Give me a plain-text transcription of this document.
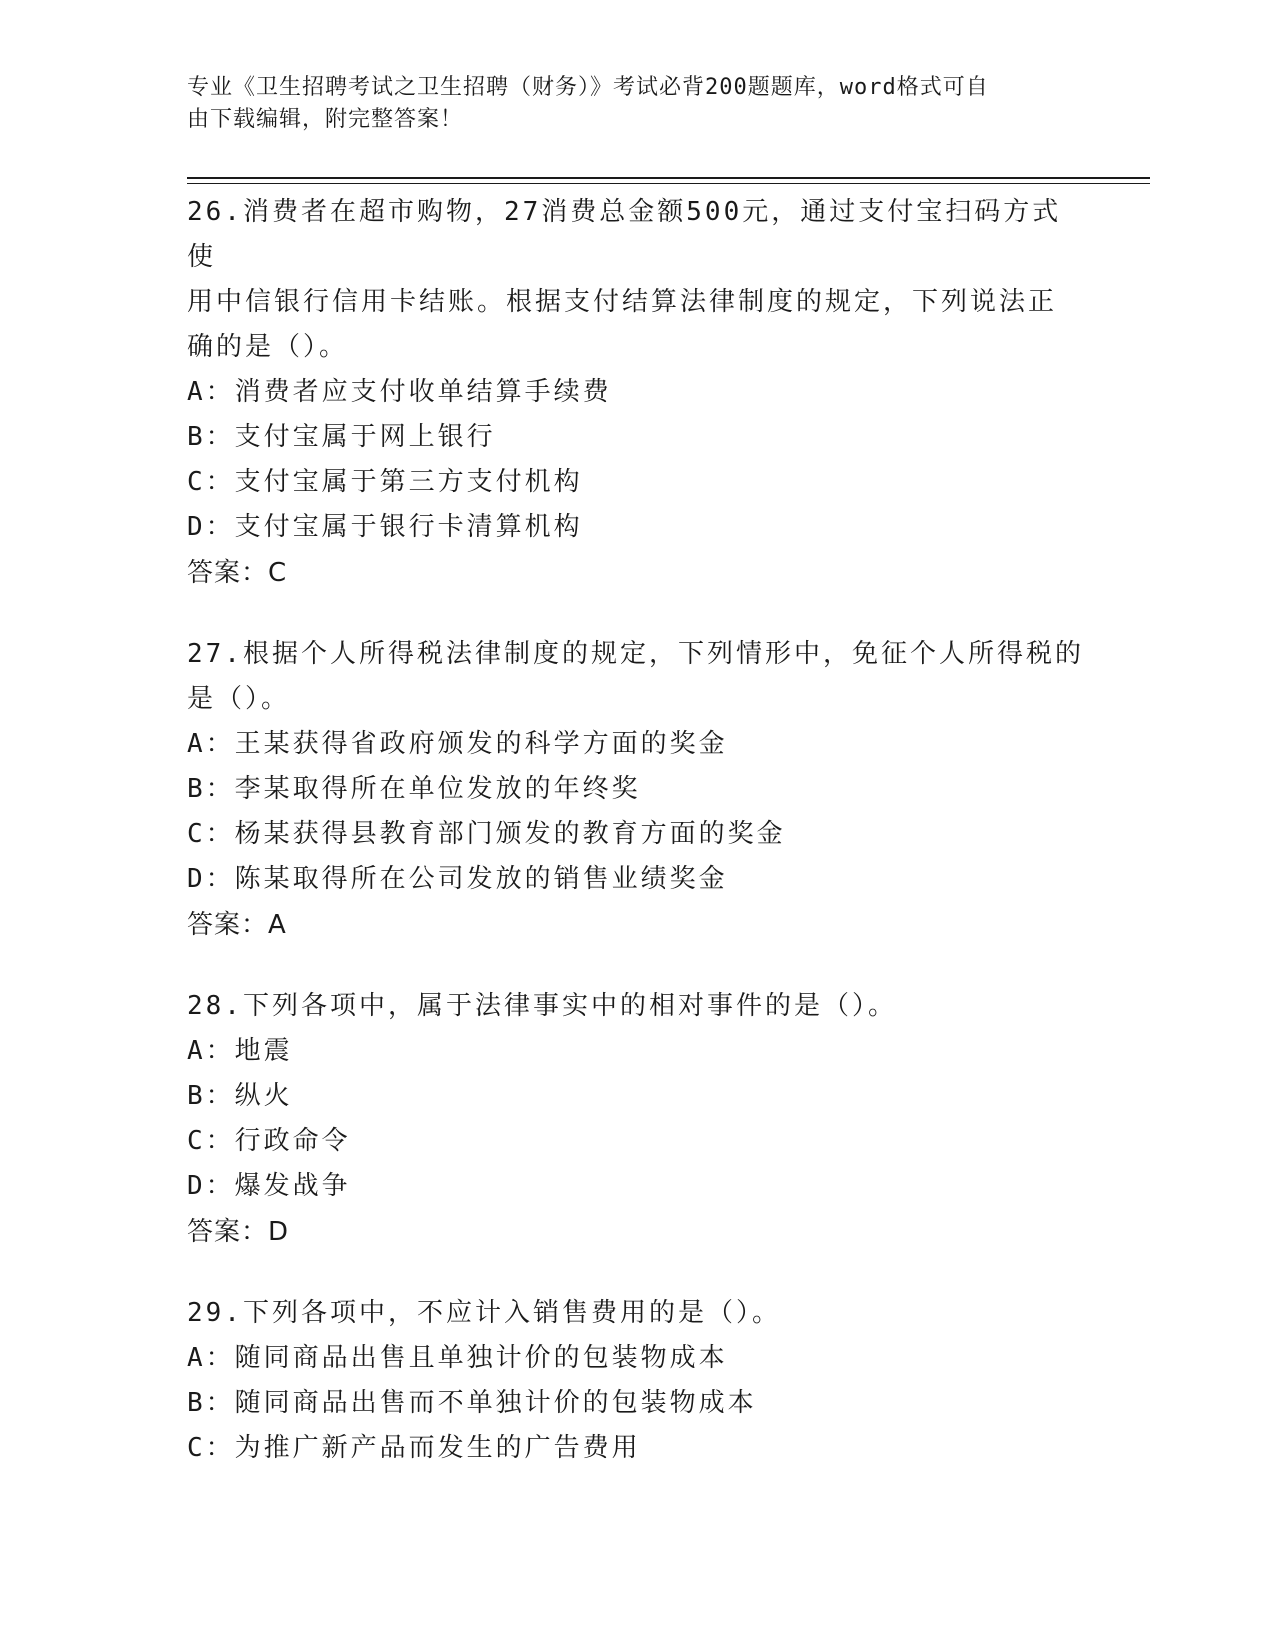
专业《卫生招聘考试之卫生招聘（财务）》考试必背200题题库，word格式可自
由下载编辑，附完整答案！

26.消费者在超市购物，27消费总金额500元，通过支付宝扫码方式使

用中信银行信用卡结账。根据支付结算法律制度的规定，下列说法正

确的是（）。

A：消费者应支付收单结算手续费

B：支付宝属于网上银行

C：支付宝属于第三方支付机构

D：支付宝属于银行卡清算机构

答案：C

27.根据个人所得税法律制度的规定，下列情形中，免征个人所得税的

是（）。

A：王某获得省政府颁发的科学方面的奖金

B：李某取得所在单位发放的年终奖

C：杨某获得县教育部门颁发的教育方面的奖金

D：陈某取得所在公司发放的销售业绩奖金

答案：A

28.下列各项中，属于法律事实中的相对事件的是（）。

A：地震

B：纵火

C：行政命令

D：爆发战争

答案：D

29.下列各项中，不应计入销售费用的是（）。

A：随同商品出售且单独计价的包装物成本

B：随同商品出售而不单独计价的包装物成本

C：为推广新产品而发生的广告费用
